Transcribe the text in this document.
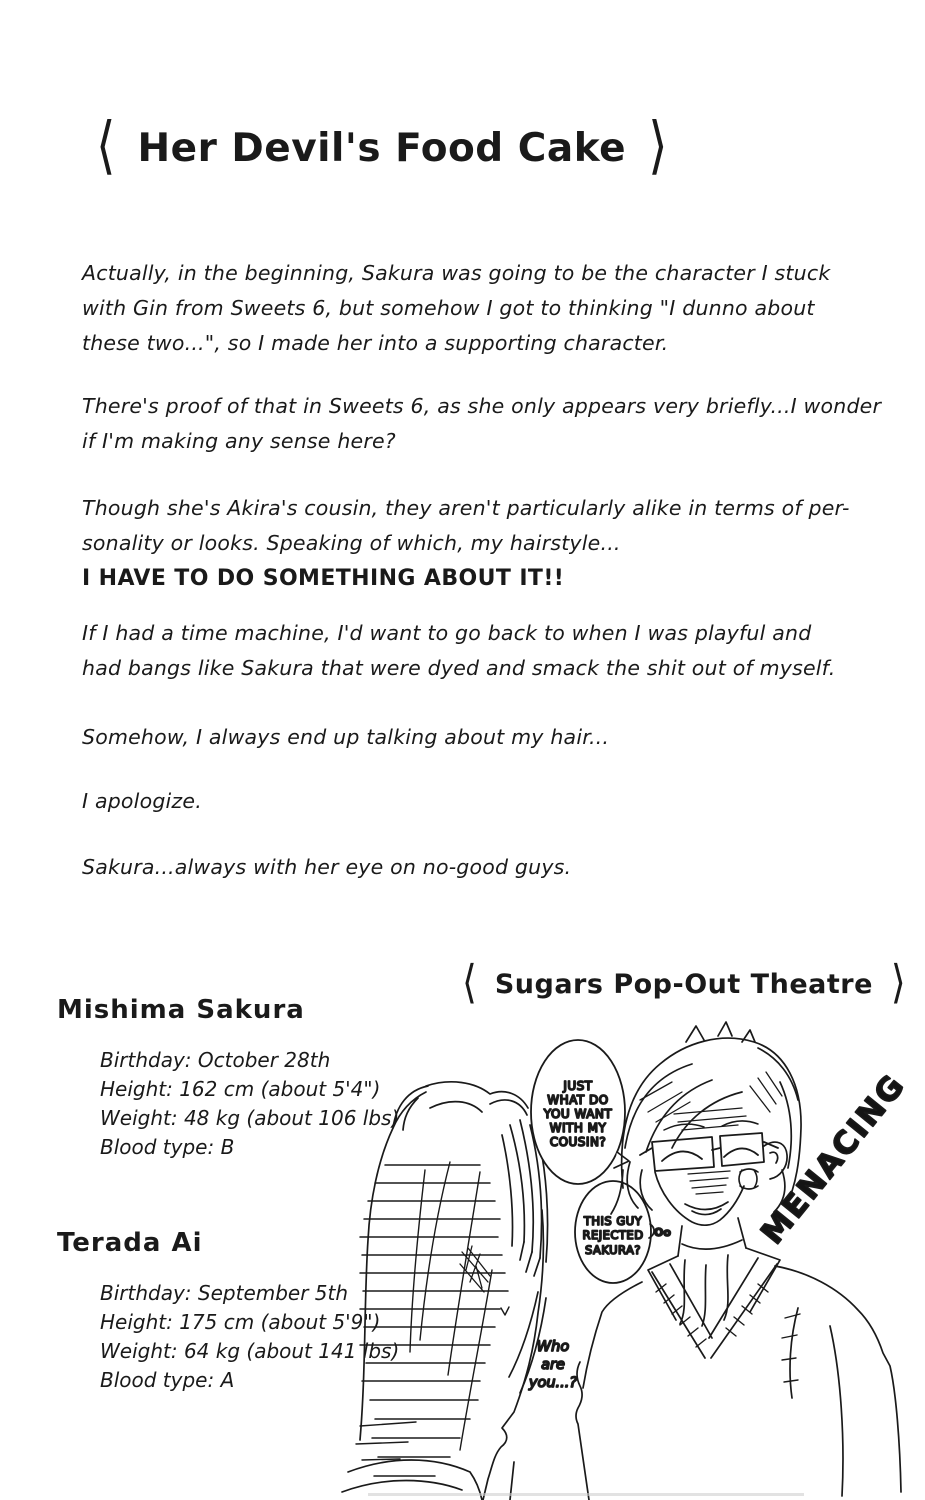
⟨ Her Devil's Food Cake ⟩
Actually, in the beginning, Sakura was going to be the character I stuck
with Gin from Sweets 6, but somehow I got to thinking "I dunno about
these two...", so I made her into a supporting character.
There's proof of that in Sweets 6, as she only appears very briefly...I wonder
if I'm making any sense here?
Though she's Akira's cousin, they aren't particularly alike in terms of per-
sonality or looks. Speaking of which, my hairstyle...
I HAVE TO DO SOMETHING ABOUT IT!!
If I had a time machine, I'd want to go back to when I was playful and
had bangs like Sakura that were dyed and smack the shit out of myself.
Somehow, I always end up talking about my hair...
I apologize.
Sakura...always with her eye on no-good guys.
Mishima Sakura
Birthday: October 28th
Height: 162 cm (about 5'4")
Weight: 48 kg (about 106 lbs)
Blood type: B
Terada Ai
Birthday: September 5th
Height: 175 cm (about 5'9")
Weight: 64 kg (about 141 lbs)
Blood type: A
⟨ Sugars Pop-Out Theatre ⟩
JUST
WHAT DO
YOU WANT
WITH MY
COUSIN?
THIS GUY
REJECTED
SAKURA?
Oo	MENACING
Who
are
you...?
